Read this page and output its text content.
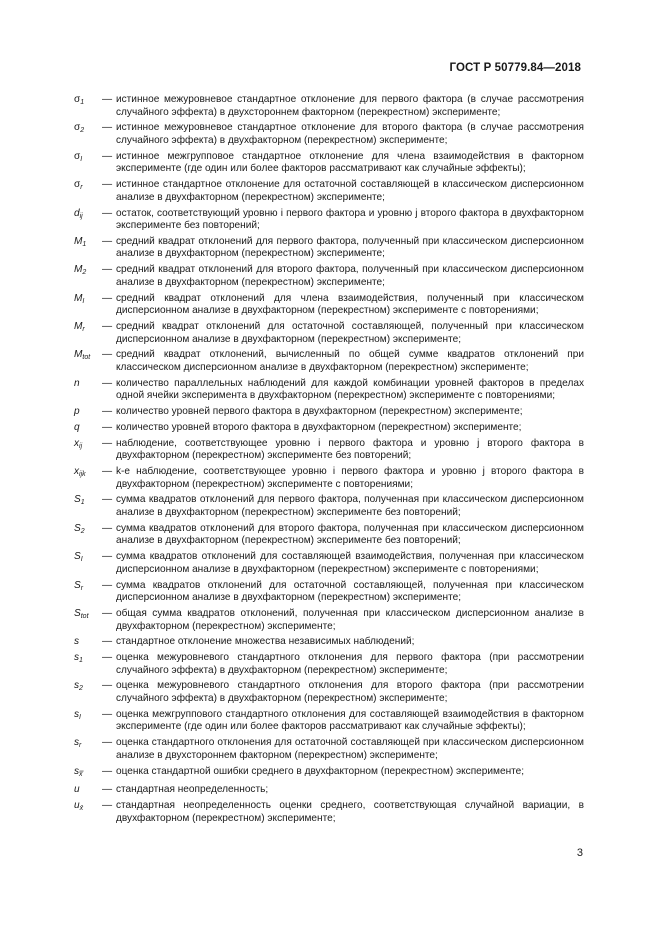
ГОСТ Р 50779.84—2018
$\sigma_1$	— истинное межуровневое стандартное отклонение для первого фактора (в случае рассмотрения случайного эффекта) в двухстороннем факторном (перекрестном) эксперименте;
$\sigma_2$	— истинное межуровневое стандартное отклонение для второго фактора (в случае рассмотрения случайного эффекта) в двухфакторном (перекрестном) эксперименте;
$\sigma_I$	— истинное межгрупповое стандартное отклонение для члена взаимодействия в факторном эксперименте (где один или более факторов рассматривают как случайные эффекты);
$\sigma_r$	— истинное стандартное отклонение для остаточной составляющей в классическом дисперсионном анализе в двухфакторном (перекрестном) эксперименте;
$d_{ij}$	— остаток, соответствующий уровню i первого фактора и уровню j второго фактора в двухфакторном эксперименте без повторений;
$M_1$	— средний квадрат отклонений для первого фактора, полученный при классическом дисперсионном анализе в двухфакторном (перекрестном) эксперименте;
$M_2$	— средний квадрат отклонений для второго фактора, полученный при классическом дисперсионном анализе в двухфакторном (перекрестном) эксперименте;
$M_I$	— средний квадрат отклонений для члена взаимодействия, полученный при классическом дисперсионном анализе в двухфакторном (перекрестном) эксперименте с повторениями;
$M_r$	— средний квадрат отклонений для остаточной составляющей, полученный при классическом дисперсионном анализе в двухфакторном (перекрестном) эксперименте;
$M_{tot}$	— средний квадрат отклонений, вычисленный по общей сумме квадратов отклонений при классическом дисперсионном анализе в двухфакторном (перекрестном) эксперименте;
n	— количество параллельных наблюдений для каждой комбинации уровней факторов в пределах одной ячейки эксперимента в двухфакторном (перекрестном) эксперименте с повторениями;
p	— количество уровней первого фактора в двухфакторном (перекрестном) эксперименте;
q	— количество уровней второго фактора в двухфакторном (перекрестном) эксперименте;
$x_{ij}$	— наблюдение, соответствующее уровню i первого фактора и уровню j второго фактора в двухфакторном (перекрестном) эксперименте без повторений;
$x_{ijk}$	— k-е наблюдение, соответствующее уровню i первого фактора и уровню j второго фактора в двухфакторном (перекрестном) эксперименте с повторениями;
$S_1$	— сумма квадратов отклонений для первого фактора, полученная при классическом дисперсионном анализе в двухфакторном (перекрестном) эксперименте без повторений;
$S_2$	— сумма квадратов отклонений для второго фактора, полученная при классическом дисперсионном анализе в двухфакторном (перекрестном) эксперименте без повторений;
$S_I$	— сумма квадратов отклонений для составляющей взаимодействия, полученная при классическом дисперсионном анализе в двухфакторном (перекрестном) эксперименте с повторениями;
$S_r$	— сумма квадратов отклонений для остаточной составляющей, полученная при классическом дисперсионном анализе в двухфакторном (перекрестном) эксперименте;
$S_{tot}$	— общая сумма квадратов отклонений, полученная при классическом дисперсионном анализе в двухфакторном (перекрестном) эксперименте;
s	— стандартное отклонение множества независимых наблюдений;
$s_1$	— оценка межуровневого стандартного отклонения для первого фактора (при рассмотрении случайного эффекта) в двухфакторном (перекрестном) эксперименте;
$s_2$	— оценка межуровневого стандартного отклонения для второго фактора (при рассмотрении случайного эффекта) в двухфакторном (перекрестном) эксперименте;
$s_I$	— оценка межгруппового стандартного отклонения для составляющей взаимодействия в факторном эксперименте (где один или более факторов рассматривают как случайные эффекты);
$s_r$	— оценка стандартного отклонения для остаточной составляющей при классическом дисперсионном анализе в двухстороннем факторном (перекрестном) эксперименте;
$s_{x̿}$	— оценка стандартной ошибки среднего в двухфакторном (перекрестном) эксперименте;
u	— стандартная неопределенность;
$u_{x̄}$	— стандартная неопределенность оценки среднего, соответствующая случайной вариации, в двухфакторном (перекрестном) эксперименте;
3
